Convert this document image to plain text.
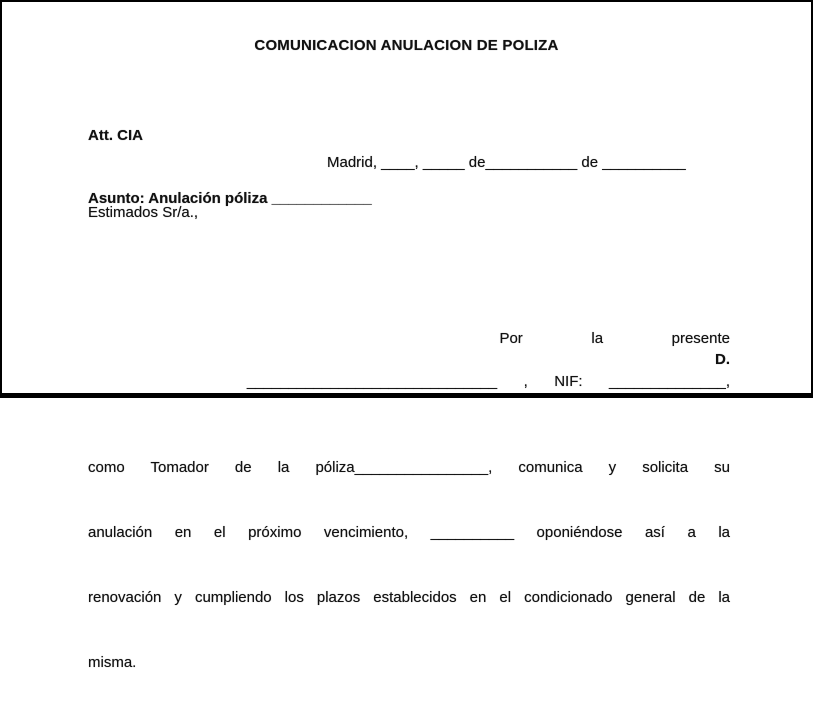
COMUNICACION ANULACION DE POLIZA

Att. CIA

Asunto: Anulación póliza ____________

Madrid, ____, _____ de___________ de __________
Estimados Sr/a.,

Por la presente
D.
______________________________ , NIF: ______________,

como Tomador de la póliza________________, comunica y solicita su

anulación en el próximo vencimiento, __________ oponiéndose así a la

renovación y cumpliendo los plazos establecidos en el condicionado general de la

misma.
